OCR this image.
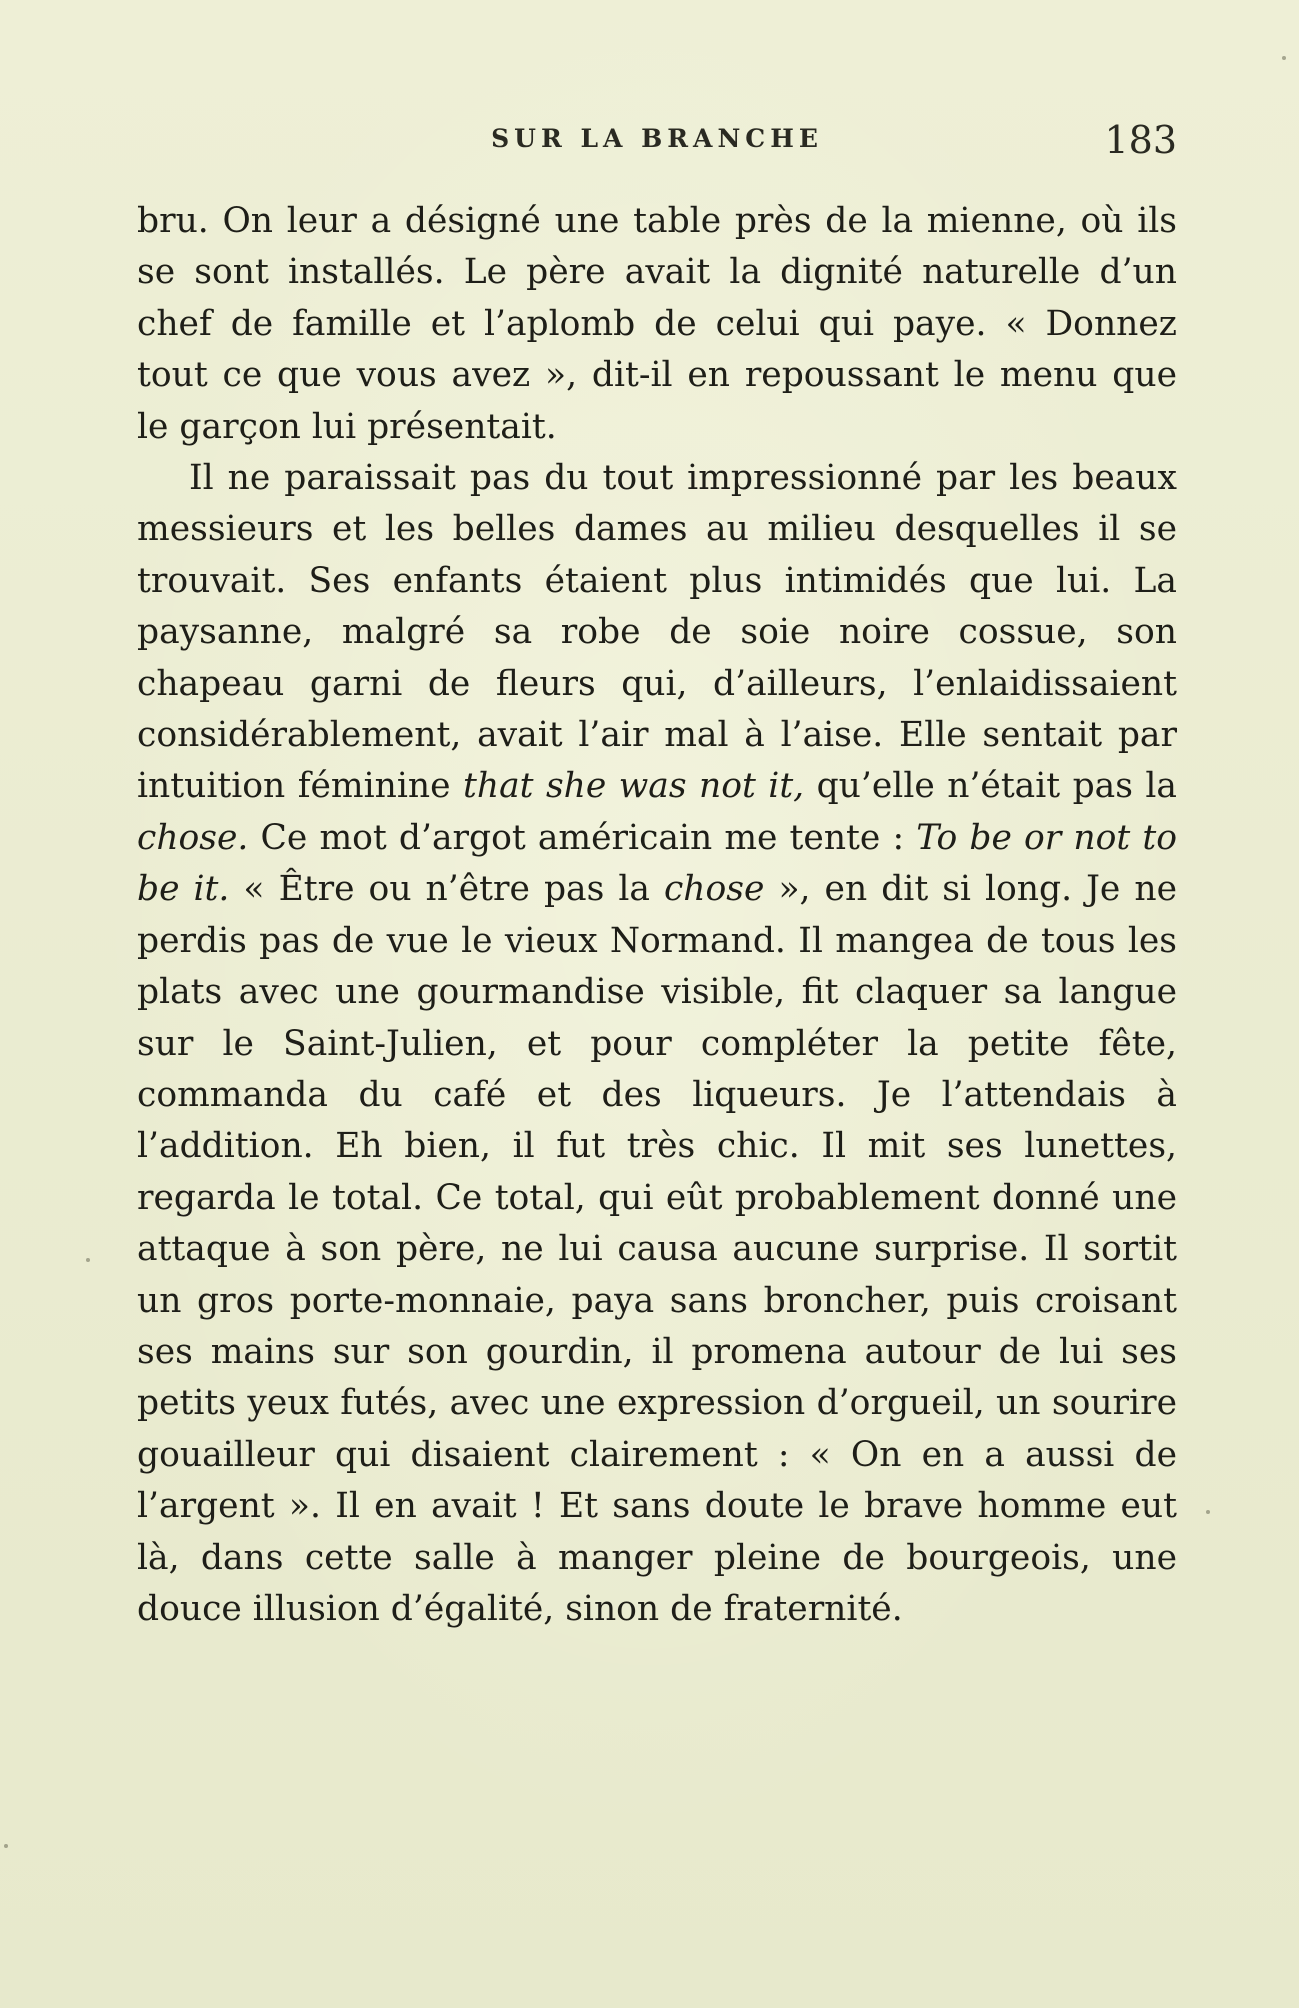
SUR LA BRANCHE	183

bru. On leur a désigné une table près de la mienne, où ils se sont installés. Le père avait la dignité naturelle d’un chef de famille et l’aplomb de celui qui paye. « Donnez tout ce que vous avez », dit-il en repoussant le menu que le garçon lui présentait.

Il ne paraissait pas du tout impressionné par les beaux messieurs et les belles dames au milieu desquelles il se trouvait. Ses enfants étaient plus intimidés que lui. La paysanne, malgré sa robe de soie noire cossue, son chapeau garni de fleurs qui, d’ailleurs, l’enlaidissaient considérablement, avait l’air mal à l’aise. Elle sentait par intuition féminine that she was not it, qu’elle n’était pas la chose. Ce mot d’argot américain me tente : To be or not to be it. « Être ou n’être pas la chose », en dit si long. Je ne perdis pas de vue le vieux Normand. Il mangea de tous les plats avec une gourmandise visible, fit claquer sa langue sur le Saint-Julien, et pour compléter la petite fête, commanda du café et des liqueurs. Je l’attendais à l’addition. Eh bien, il fut très chic. Il mit ses lunettes, regarda le total. Ce total, qui eût probablement donné une attaque à son père, ne lui causa aucune surprise. Il sortit un gros porte-monnaie, paya sans broncher, puis croisant ses mains sur son gourdin, il promena autour de lui ses petits yeux futés, avec une expression d’orgueil, un sourire gouailleur qui disaient clairement : « On en a aussi de l’argent ». Il en avait ! Et sans doute le brave homme eut là, dans cette salle à manger pleine de bourgeois, une douce illusion d’égalité, sinon de fraternité.
